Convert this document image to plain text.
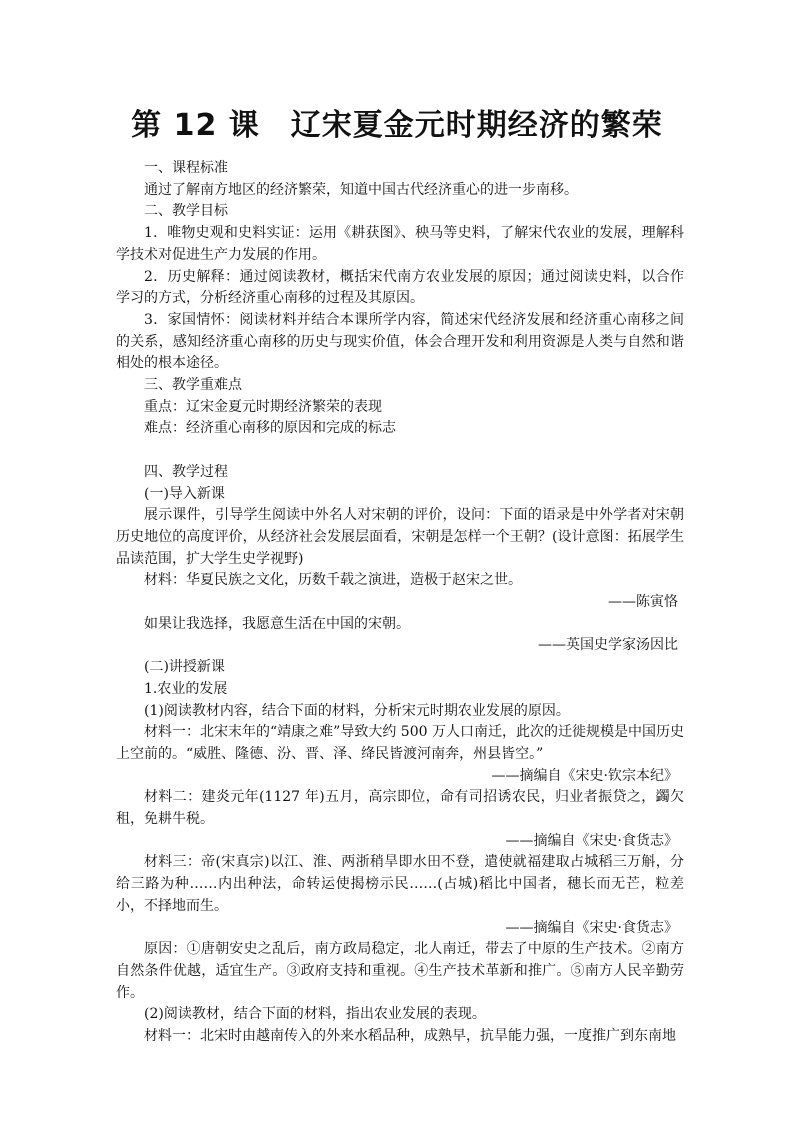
第 12 课　辽宋夏金元时期经济的繁荣

一、课程标准

通过了解南方地区的经济繁荣，知道中国古代经济重心的进一步南移。

二、教学目标

1．唯物史观和史料实证：运用《耕获图》、秧马等史料，了解宋代农业的发展，理解科学技术对促进生产力发展的作用。

2．历史解释：通过阅读教材，概括宋代南方农业发展的原因；通过阅读史料，以合作学习的方式，分析经济重心南移的过程及其原因。

3．家国情怀：阅读材料并结合本课所学内容，简述宋代经济发展和经济重心南移之间的关系，感知经济重心南移的历史与现实价值，体会合理开发和利用资源是人类与自然和谐相处的根本途径。

三、教学重难点

重点：辽宋金夏元时期经济繁荣的表现

难点：经济重心南移的原因和完成的标志

四、教学过程

(一)导入新课

展示课件，引导学生阅读中外名人对宋朝的评价，设问：下面的语录是中外学者对宋朝历史地位的高度评价，从经济社会发展层面看，宋朝是怎样一个王朝？(设计意图：拓展学生品读范围，扩大学生史学视野)

材料：华夏民族之文化，历数千载之演进，造极于赵宋之世。

——陈寅恪

如果让我选择，我愿意生活在中国的宋朝。

——英国史学家汤因比

(二)讲授新课

1.农业的发展

(1)阅读教材内容，结合下面的材料，分析宋元时期农业发展的原因。

材料一：北宋末年的“靖康之难”导致大约 500 万人口南迁，此次的迁徙规模是中国历史上空前的。“威胜、隆德、汾、晋、泽、绛民皆渡河南奔，州县皆空。”

——摘编自《宋史·钦宗本纪》

材料二：建炎元年(1127 年)五月，高宗即位，命有司招诱农民，归业者振贷之，蠲欠租，免耕牛税。

——摘编自《宋史·食货志》

材料三：帝(宋真宗)以江、淮、两浙稍旱即水田不登，遣使就福建取占城稻三万斛，分给三路为种……内出种法，命转运使揭榜示民……(占城)稻比中国者，穗长而无芒，粒差小，不择地而生。

——摘编自《宋史·食货志》

原因：①唐朝安史之乱后，南方政局稳定，北人南迁，带去了中原的生产技术。②南方自然条件优越，适宜生产。③政府支持和重视。④生产技术革新和推广。⑤南方人民辛勤劳作。

(2)阅读教材，结合下面的材料，指出农业发展的表现。

材料一：北宋时由越南传入的外来水稻品种，成熟早，抗旱能力强，一度推广到东南地
